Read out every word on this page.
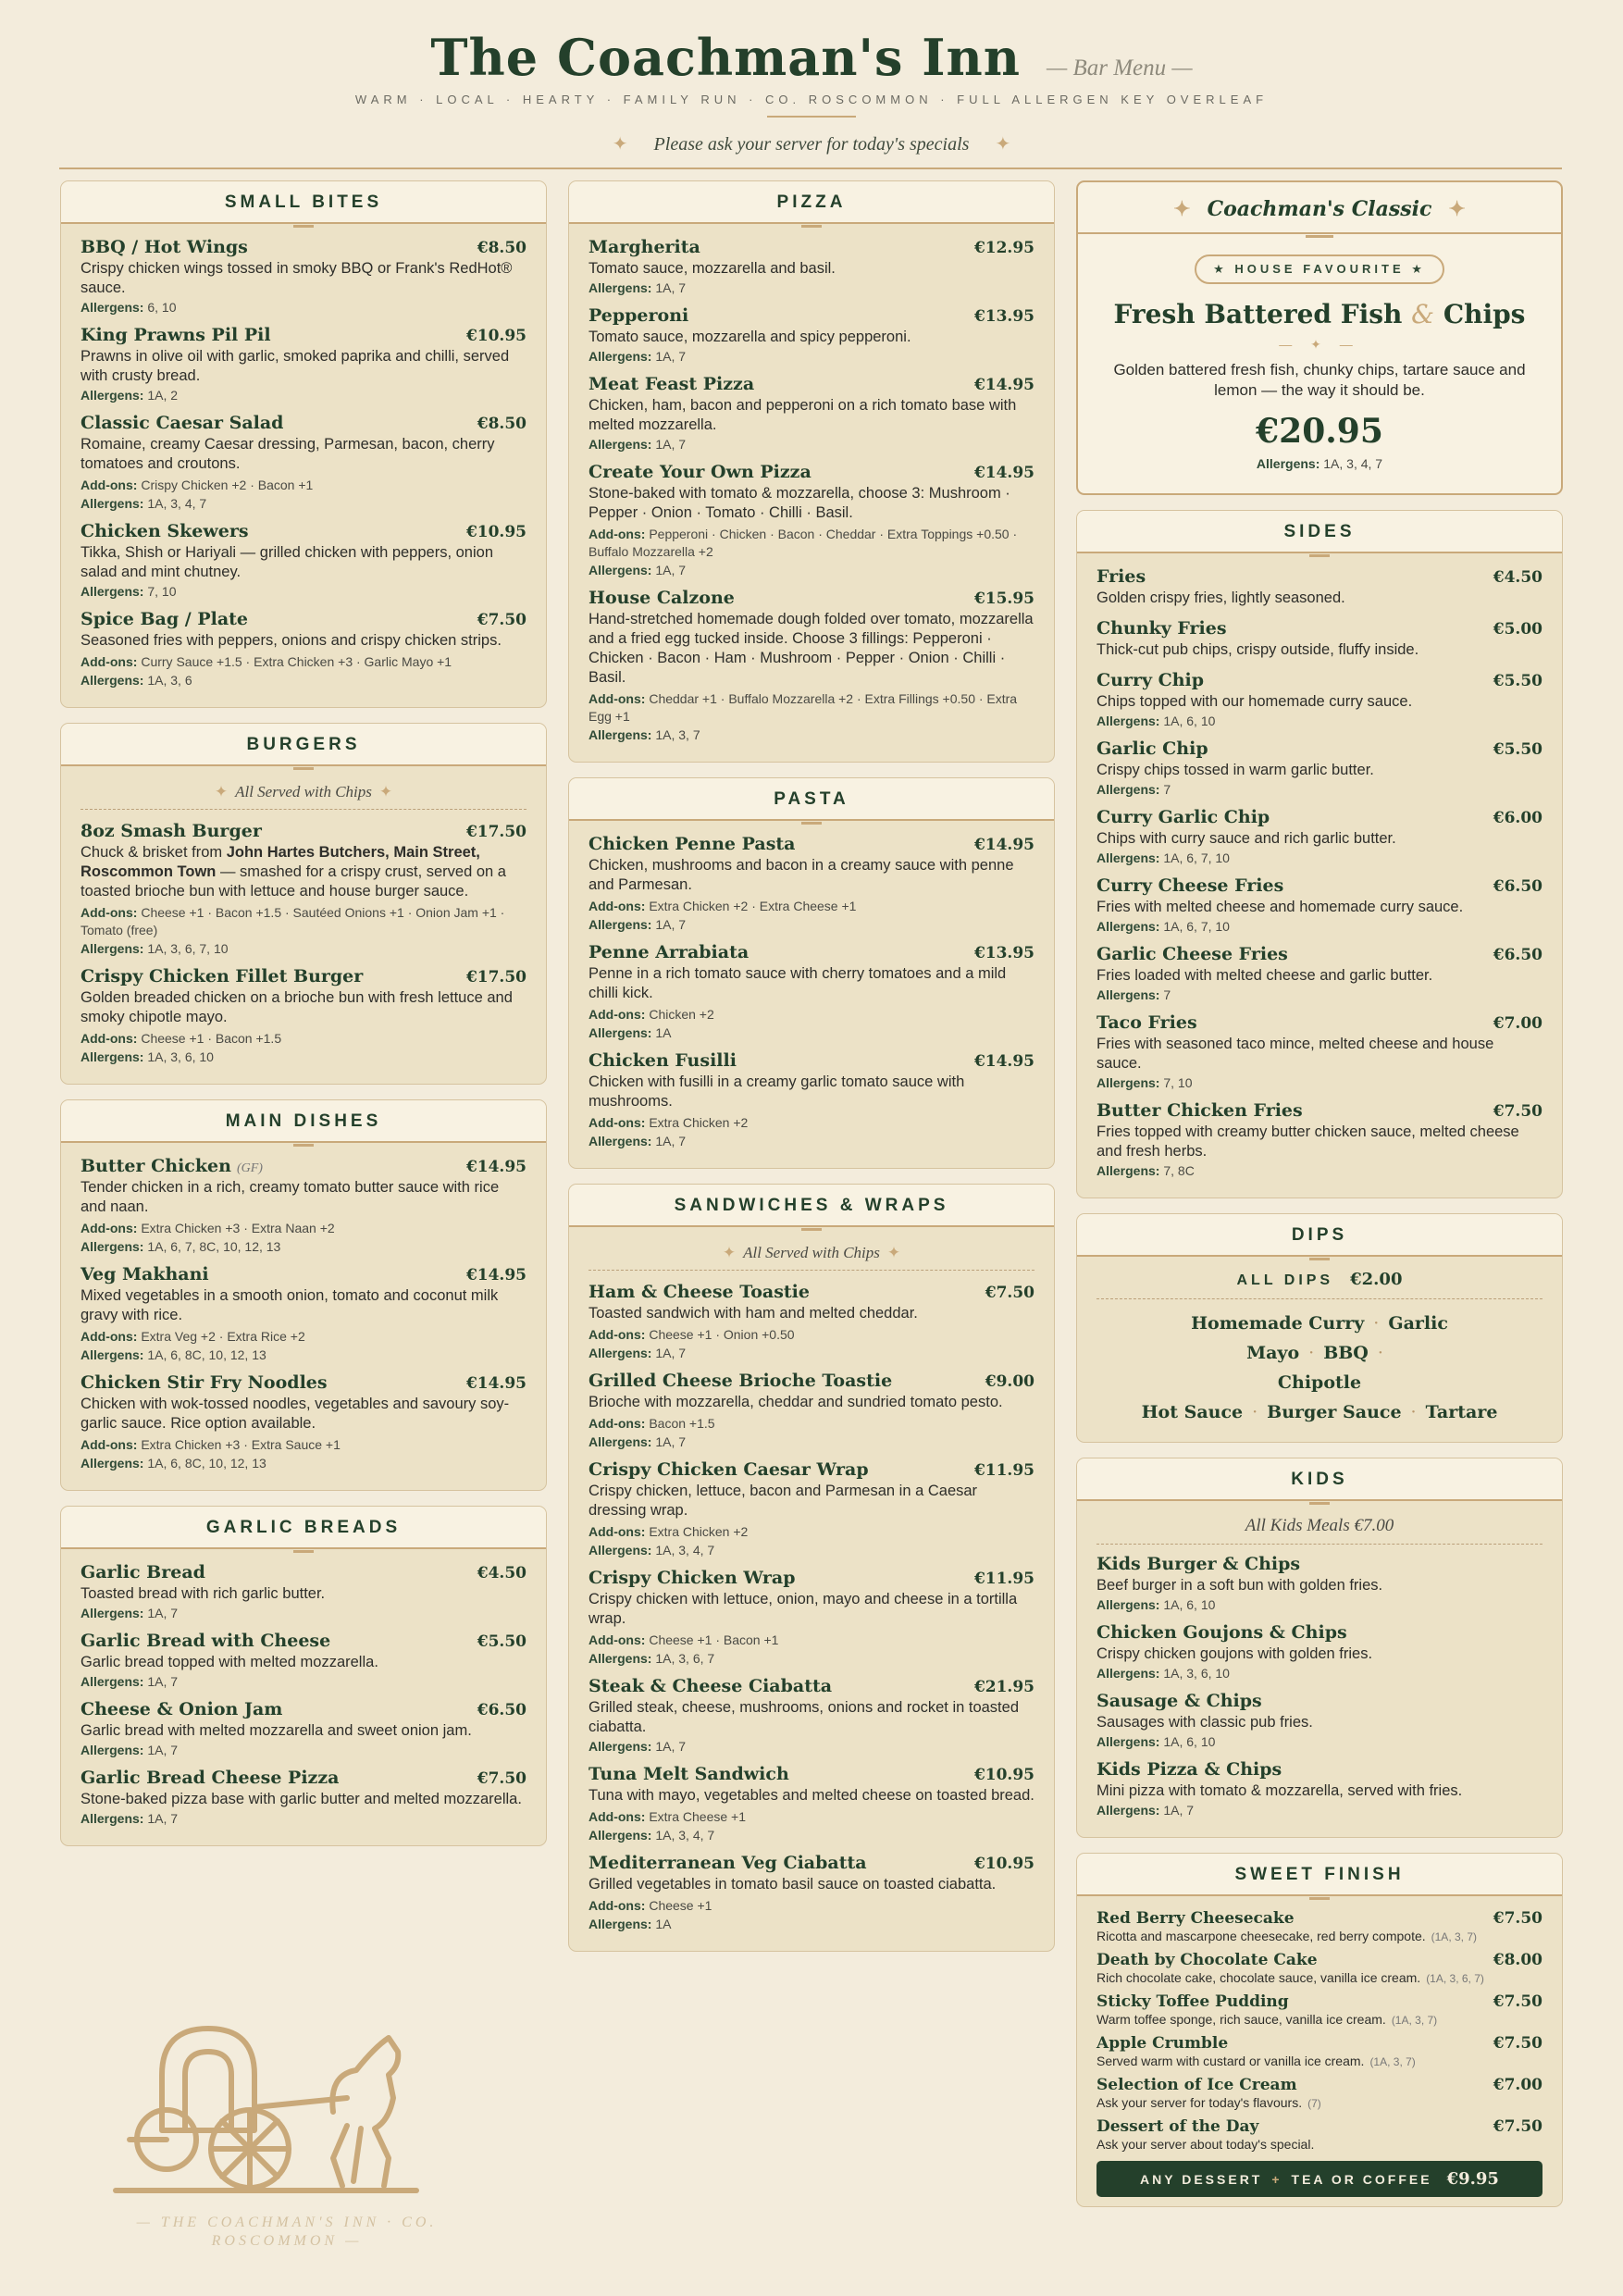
The Coachman's Inn — Bar Menu —
WARM · LOCAL · HEARTY · FAMILY RUN · CO. ROSCOMMON · FULL ALLERGEN KEY OVERLEAF
✦ Please ask your server for today's specials ✦
SMALL BITES
BBQ / Hot Wings	€8.50
Crispy chicken wings tossed in smoky BBQ or Frank's RedHot® sauce.
Allergens: 6, 10
King Prawns Pil Pil	€10.95
Prawns in olive oil with garlic, smoked paprika and chilli, served with crusty bread.
Allergens: 1A, 2
Classic Caesar Salad	€8.50
Romaine, creamy Caesar dressing, Parmesan, bacon, cherry tomatoes and croutons.
Add-ons: Crispy Chicken +2 · Bacon +1
Allergens: 1A, 3, 4, 7
Chicken Skewers	€10.95
Tikka, Shish or Hariyali — grilled chicken with peppers, onion salad and mint chutney.
Allergens: 7, 10
Spice Bag / Plate	€7.50
Seasoned fries with peppers, onions and crispy chicken strips.
Add-ons: Curry Sauce +1.5 · Extra Chicken +3 · Garlic Mayo +1
Allergens: 1A, 3, 6
BURGERS
✦ All Served with Chips ✦
8oz Smash Burger	€17.50
Chuck & brisket from John Hartes Butchers, Main Street, Roscommon Town — smashed for a crispy crust, served on a toasted brioche bun with lettuce and house burger sauce.
Add-ons: Cheese +1 · Bacon +1.5 · Sautéed Onions +1 · Onion Jam +1 · Tomato (free)
Allergens: 1A, 3, 6, 7, 10
Crispy Chicken Fillet Burger	€17.50
Golden breaded chicken on a brioche bun with fresh lettuce and smoky chipotle mayo.
Add-ons: Cheese +1 · Bacon +1.5
Allergens: 1A, 3, 6, 10
MAIN DISHES
Butter Chicken (GF)	€14.95
Tender chicken in a rich, creamy tomato butter sauce with rice and naan.
Add-ons: Extra Chicken +3 · Extra Naan +2
Allergens: 1A, 6, 7, 8C, 10, 12, 13
Veg Makhani	€14.95
Mixed vegetables in a smooth onion, tomato and coconut milk gravy with rice.
Add-ons: Extra Veg +2 · Extra Rice +2
Allergens: 1A, 6, 8C, 10, 12, 13
Chicken Stir Fry Noodles	€14.95
Chicken with wok-tossed noodles, vegetables and savoury soy-garlic sauce. Rice option available.
Add-ons: Extra Chicken +3 · Extra Sauce +1
Allergens: 1A, 6, 8C, 10, 12, 13
GARLIC BREADS
Garlic Bread	€4.50
Toasted bread with rich garlic butter.
Allergens: 1A, 7
Garlic Bread with Cheese	€5.50
Garlic bread topped with melted mozzarella.
Allergens: 1A, 7
Cheese & Onion Jam	€6.50
Garlic bread with melted mozzarella and sweet onion jam.
Allergens: 1A, 7
Garlic Bread Cheese Pizza	€7.50
Stone-baked pizza base with garlic butter and melted mozzarella.
Allergens: 1A, 7
PIZZA
Margherita	€12.95
Tomato sauce, mozzarella and basil.
Allergens: 1A, 7
Pepperoni	€13.95
Tomato sauce, mozzarella and spicy pepperoni.
Allergens: 1A, 7
Meat Feast Pizza	€14.95
Chicken, ham, bacon and pepperoni on a rich tomato base with melted mozzarella.
Allergens: 1A, 7
Create Your Own Pizza	€14.95
Stone-baked with tomato & mozzarella, choose 3: Mushroom · Pepper · Onion · Tomato · Chilli · Basil.
Add-ons: Pepperoni · Chicken · Bacon · Cheddar · Extra Toppings +0.50 · Buffalo Mozzarella +2
Allergens: 1A, 7
House Calzone	€15.95
Hand-stretched homemade dough folded over tomato, mozzarella and a fried egg tucked inside. Choose 3 fillings: Pepperoni · Chicken · Bacon · Ham · Mushroom · Pepper · Onion · Chilli · Basil.
Add-ons: Cheddar +1 · Buffalo Mozzarella +2 · Extra Fillings +0.50 · Extra Egg +1
Allergens: 1A, 3, 7
PASTA
Chicken Penne Pasta	€14.95
Chicken, mushrooms and bacon in a creamy sauce with penne and Parmesan.
Add-ons: Extra Chicken +2 · Extra Cheese +1
Allergens: 1A, 7
Penne Arrabiata	€13.95
Penne in a rich tomato sauce with cherry tomatoes and a mild chilli kick.
Add-ons: Chicken +2
Allergens: 1A
Chicken Fusilli	€14.95
Chicken with fusilli in a creamy garlic tomato sauce with mushrooms.
Add-ons: Extra Chicken +2
Allergens: 1A, 7
SANDWICHES & WRAPS
✦ All Served with Chips ✦
Ham & Cheese Toastie	€7.50
Toasted sandwich with ham and melted cheddar.
Add-ons: Cheese +1 · Onion +0.50
Allergens: 1A, 7
Grilled Cheese Brioche Toastie	€9.00
Brioche with mozzarella, cheddar and sundried tomato pesto.
Add-ons: Bacon +1.5
Allergens: 1A, 7
Crispy Chicken Caesar Wrap	€11.95
Crispy chicken, lettuce, bacon and Parmesan in a Caesar dressing wrap.
Add-ons: Extra Chicken +2
Allergens: 1A, 3, 4, 7
Crispy Chicken Wrap	€11.95
Crispy chicken with lettuce, onion, mayo and cheese in a tortilla wrap.
Add-ons: Cheese +1 · Bacon +1
Allergens: 1A, 3, 6, 7
Steak & Cheese Ciabatta	€21.95
Grilled steak, cheese, mushrooms, onions and rocket in toasted ciabatta.
Allergens: 1A, 7
Tuna Melt Sandwich	€10.95
Tuna with mayo, vegetables and melted cheese on toasted bread.
Add-ons: Extra Cheese +1
Allergens: 1A, 3, 4, 7
Mediterranean Veg Ciabatta	€10.95
Grilled vegetables in tomato basil sauce on toasted ciabatta.
Add-ons: Cheese +1
Allergens: 1A
✦ Coachman's Classic ✦
★ HOUSE FAVOURITE ★
Fresh Battered Fish & Chips
— ✦ —
Golden battered fresh fish, chunky chips, tartare sauce and lemon — the way it should be.
€20.95
Allergens: 1A, 3, 4, 7
SIDES
Fries	€4.50
Golden crispy fries, lightly seasoned.
Chunky Fries	€5.00
Thick-cut pub chips, crispy outside, fluffy inside.
Curry Chip	€5.50
Chips topped with our homemade curry sauce.
Allergens: 1A, 6, 10
Garlic Chip	€5.50
Crispy chips tossed in warm garlic butter.
Allergens: 7
Curry Garlic Chip	€6.00
Chips with curry sauce and rich garlic butter.
Allergens: 1A, 6, 7, 10
Curry Cheese Fries	€6.50
Fries with melted cheese and homemade curry sauce.
Allergens: 1A, 6, 7, 10
Garlic Cheese Fries	€6.50
Fries loaded with melted cheese and garlic butter.
Allergens: 7
Taco Fries	€7.00
Fries with seasoned taco mince, melted cheese and house sauce.
Allergens: 7, 10
Butter Chicken Fries	€7.50
Fries topped with creamy butter chicken sauce, melted cheese and fresh herbs.
Allergens: 7, 8C
DIPS
ALL DIPS €2.00
Homemade Curry · Garlic Mayo · BBQ ·
Chipotle
Hot Sauce · Burger Sauce · Tartare
KIDS
All Kids Meals €7.00
Kids Burger & Chips
Beef burger in a soft bun with golden fries.
Allergens: 1A, 6, 10
Chicken Goujons & Chips
Crispy chicken goujons with golden fries.
Allergens: 1A, 3, 6, 10
Sausage & Chips
Sausages with classic pub fries.
Allergens: 1A, 6, 10
Kids Pizza & Chips
Mini pizza with tomato & mozzarella, served with fries.
Allergens: 1A, 7
SWEET FINISH
Red Berry Cheesecake	€7.50
Ricotta and mascarpone cheesecake, red berry compote. (1A, 3, 7)
Death by Chocolate Cake	€8.00
Rich chocolate cake, chocolate sauce, vanilla ice cream. (1A, 3, 6, 7)
Sticky Toffee Pudding	€7.50
Warm toffee sponge, rich sauce, vanilla ice cream. (1A, 3, 7)
Apple Crumble	€7.50
Served warm with custard or vanilla ice cream. (1A, 3, 7)
Selection of Ice Cream	€7.00
Ask your server for today's flavours. (7)
Dessert of the Day	€7.50
Ask your server about today's special.
ANY DESSERT + TEA OR COFFEE €9.95
— THE COACHMAN'S INN · CO. ROSCOMMON —
